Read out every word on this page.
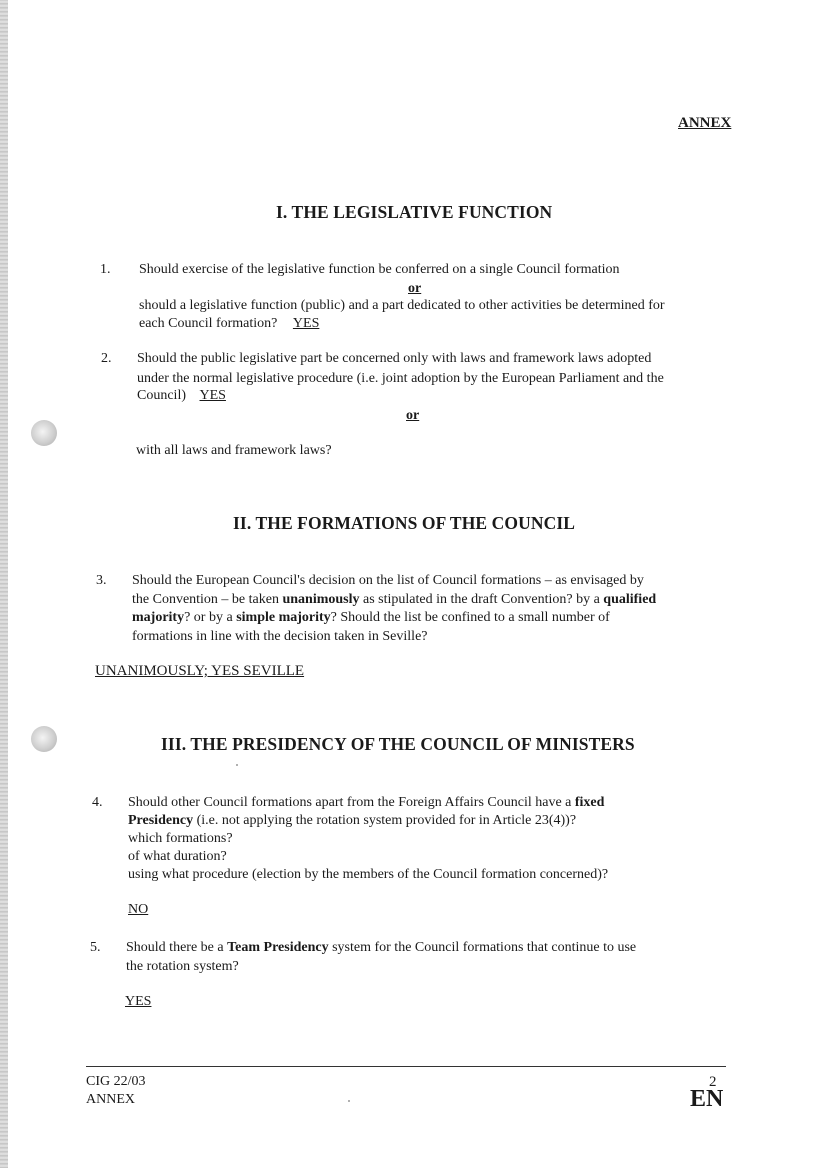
ANNEX
I. THE LEGISLATIVE FUNCTION
1.	Should exercise of the legislative function be conferred on a single Council formation
or
should a legislative function (public) and a part dedicated to other activities be determined for
each Council formation? YES
2.	Should the public legislative part be concerned only with laws and framework laws adopted
under the normal legislative procedure (i.e. joint adoption by the European Parliament and the
Council) YES
or
with all laws and framework laws?
II. THE FORMATIONS OF THE COUNCIL
3.	Should the European Council's decision on the list of Council formations – as envisaged by
the Convention – be taken unanimously as stipulated in the draft Convention? by a qualified
majority? or by a simple majority? Should the list be confined to a small number of
formations in line with the decision taken in Seville?
UNANIMOUSLY; YES SEVILLE
III. THE PRESIDENCY OF THE COUNCIL OF MINISTERS
4.	Should other Council formations apart from the Foreign Affairs Council have a fixed
Presidency (i.e. not applying the rotation system provided for in Article 23(4))?
which formations?
of what duration?
using what procedure (election by the members of the Council formation concerned)?
NO
5.	Should there be a Team Presidency system for the Council formations that continue to use
the rotation system?
YES
CIG 22/03
ANNEX
2
EN
